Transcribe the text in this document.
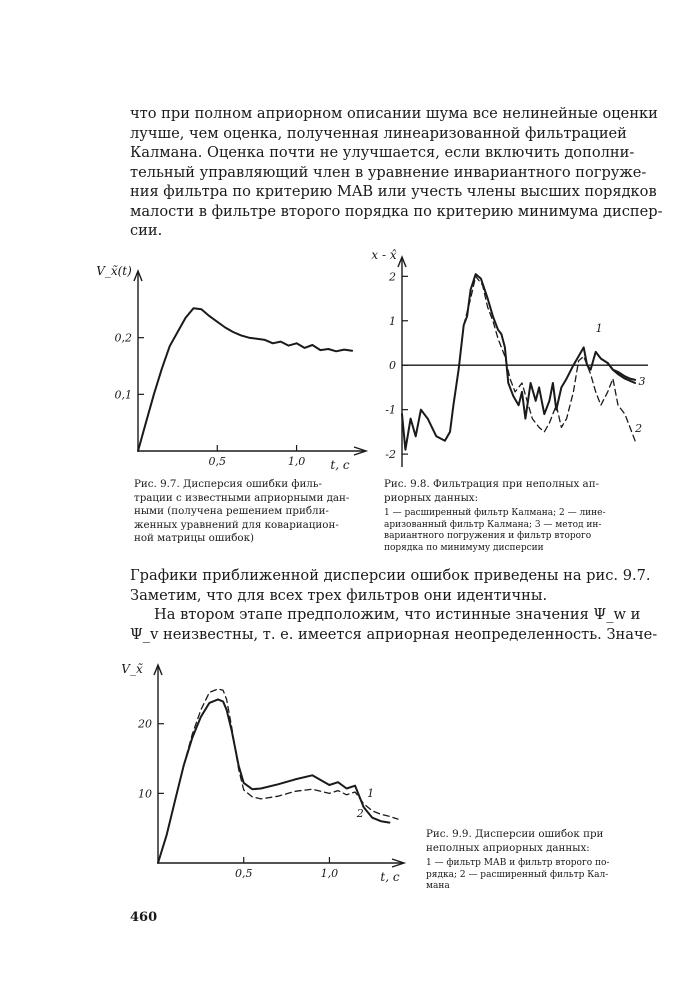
что при полном априорном описании шума все нелинейные оценки
лучше, чем оценка, полученная линеаризованной фильтрацией
Калмана. Оценка почти не улучшается, если включить дополни-
тельный управляющий член в уравнение инвариантного погруже-
ния фильтра по критерию MAB или учесть члены высших порядков
малости в фильтре второго порядка по критерию минимума диспер-
сии.
0,1
0,2
0,5	1,0
V_x̃(t)
t, c
Рис. 9.7. Дисперсия ошибки филь-
трации с известными априорными дан-
ными (получена решением прибли-
женных уравнений для ковариацион-
ной матрицы ошибок)
-2
-1
0
1
2
x - x̂
1
2
3
Рис. 9.8. Фильтрация при неполных ап-
риорных данных:
1 — расширенный фильтр Калмана; 2 — лине-
аризованный фильтр Калмана; 3 — метод ин-
вариантного погружения и фильтр второго
порядка по минимуму дисперсии
Графики приближенной дисперсии ошибок приведены на рис. 9.7.
Заметим, что для всех трех фильтров они идентичны.
На втором этапе предположим, что истинные значения Ψ_w и
Ψ_v неизвестны, т. е. имеется априорная неопределенность. Значе-
10
20
0,5	1,0
V_x̃
t, c
1
2
Рис. 9.9. Дисперсии ошибок при
неполных априорных данных:
1 — фильтр МАВ и фильтр второго по-
рядка; 2 — расширенный фильтр Кал-
мана
460
